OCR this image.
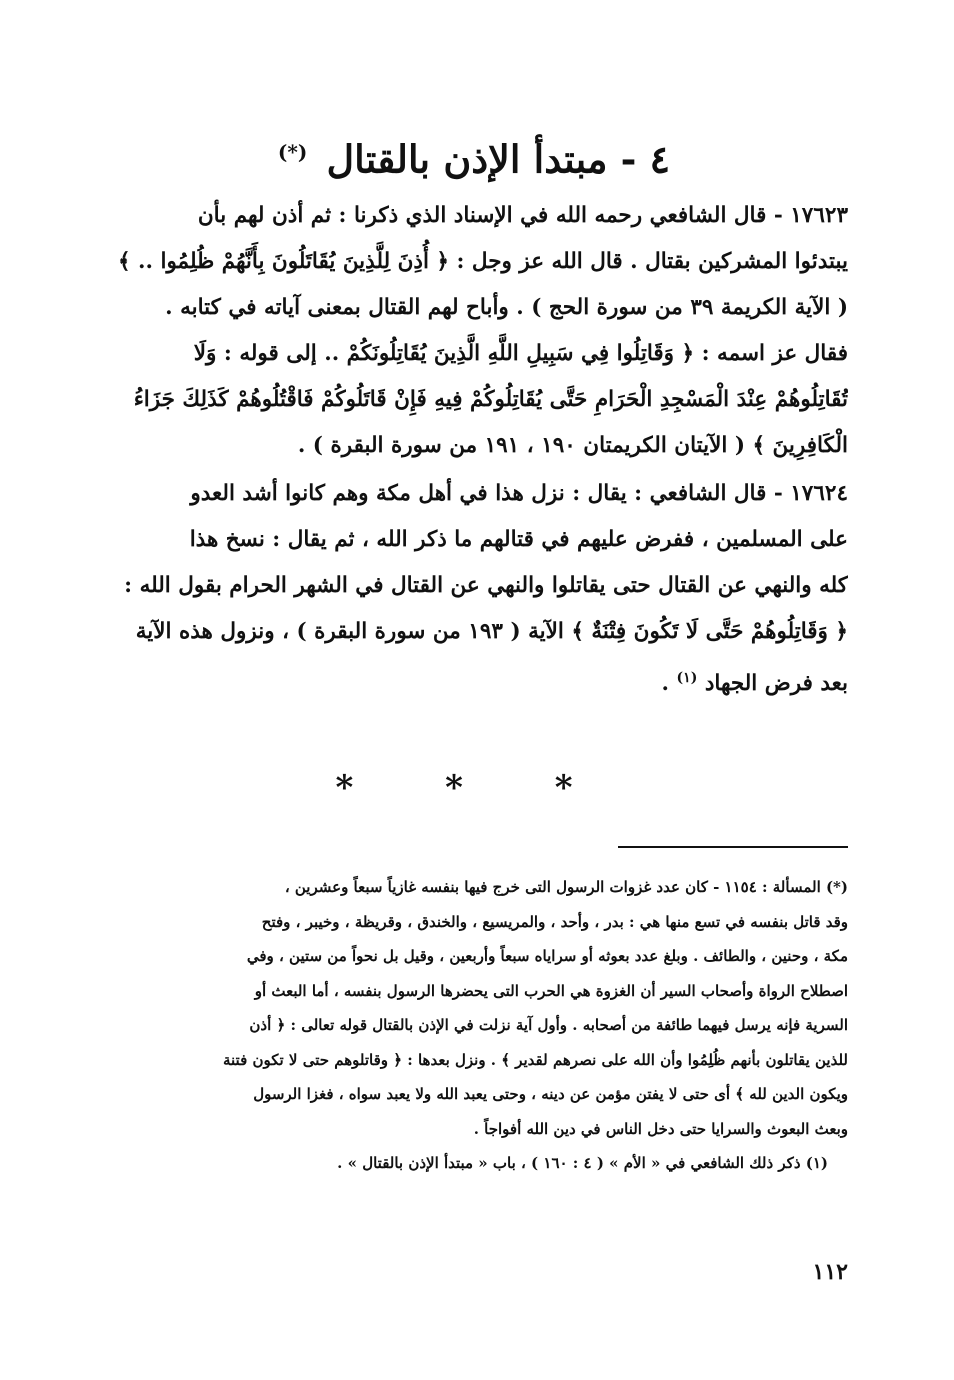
٤ - مبتدأ الإذن بالقتال (*)
١٧٦٢٣ - قال الشافعي رحمه الله في الإسناد الذي ذكرنا : ثم أذن لهم بأن
يبتدئوا المشركين بقتال . قال الله عز وجل : ﴿ أُذِنَ لِلَّذِينَ يُقَاتَلُونَ بِأَنَّهُمْ ظُلِمُوا .. ﴾
( الآية الكريمة ٣٩ من سورة الحج ) . وأباح لهم القتال بمعنى آياته في كتابه .
فقال عز اسمه : ﴿ وَقَاتِلُوا فِي سَبِيلِ اللَّهِ الَّذِينَ يُقَاتِلُونَكُمْ .. إلى قوله : وَلَا
تُقَاتِلُوهُمْ عِنْدَ الْمَسْجِدِ الْحَرَامِ حَتَّى يُقَاتِلُوكُمْ فِيهِ فَإِنْ قَاتَلُوكُمْ فَاقْتُلُوهُمْ كَذَلِكَ جَزَاءُ
الْكَافِرِينَ ﴾ ( الآيتان الكريمتان ١٩٠ ، ١٩١ من سورة البقرة ) .
١٧٦٢٤ - قال الشافعي : يقال : نزل هذا في أهل مكة وهم كانوا أشد العدو
على المسلمين ، ففرض عليهم في قتالهم ما ذكر الله ، ثم يقال : نسخ هذا
كله والنهي عن القتال حتى يقاتلوا والنهي عن القتال في الشهر الحرام بقول الله :
﴿ وَقَاتِلُوهُمْ حَتَّى لَا تَكُونَ فِتْنَةٌ ﴾ الآية ( ١٩٣ من سورة البقرة ) ، ونزول هذه الآية
بعد فرض الجهاد $^{(١)}$ .
* * *
(*) المسألة : ١١٥٤ - كان عدد غزوات الرسول التى خرج فيها بنفسه غازياً سبعاً وعشرين ،
وقد قاتل بنفسه في تسع منها هي : بدر ، وأحد ، والمريسيع ، والخندق ، وقريظة ، وخيبر ، وفتح
مكة ، وحنين ، والطائف . وبلغ عدد بعوثه أو سراياه سبعاً وأربعين ، وقيل بل نحواً من ستين ، وفي
اصطلاح الرواة وأصحاب السير أن الغزوة هي الحرب التى يحضرها الرسول بنفسه ، أما البعث أو
السرية فإنه يرسل فيهما طائفة من أصحابه . وأول آية نزلت في الإذن بالقتال قوله تعالى : ﴿ أذن
للذين يقاتلون بأنهم ظُلِمُوا وأن الله على نصرهم لقدير ﴾ . ونزل بعدها : ﴿ وقاتلوهم حتى لا تكون فتنة
ويكون الدين لله ﴾ أى حتى لا يفتن مؤمن عن دينه ، وحتى يعبد الله ولا يعبد سواه ، فغزا الرسول
وبعث البعوث والسرايا حتى دخل الناس في دين الله أفواجاً .
(١) ذكر ذلك الشافعي في « الأم » ( ٤ : ١٦٠ ) ، باب « مبتدأ الإذن بالقتال » .
١١٢
